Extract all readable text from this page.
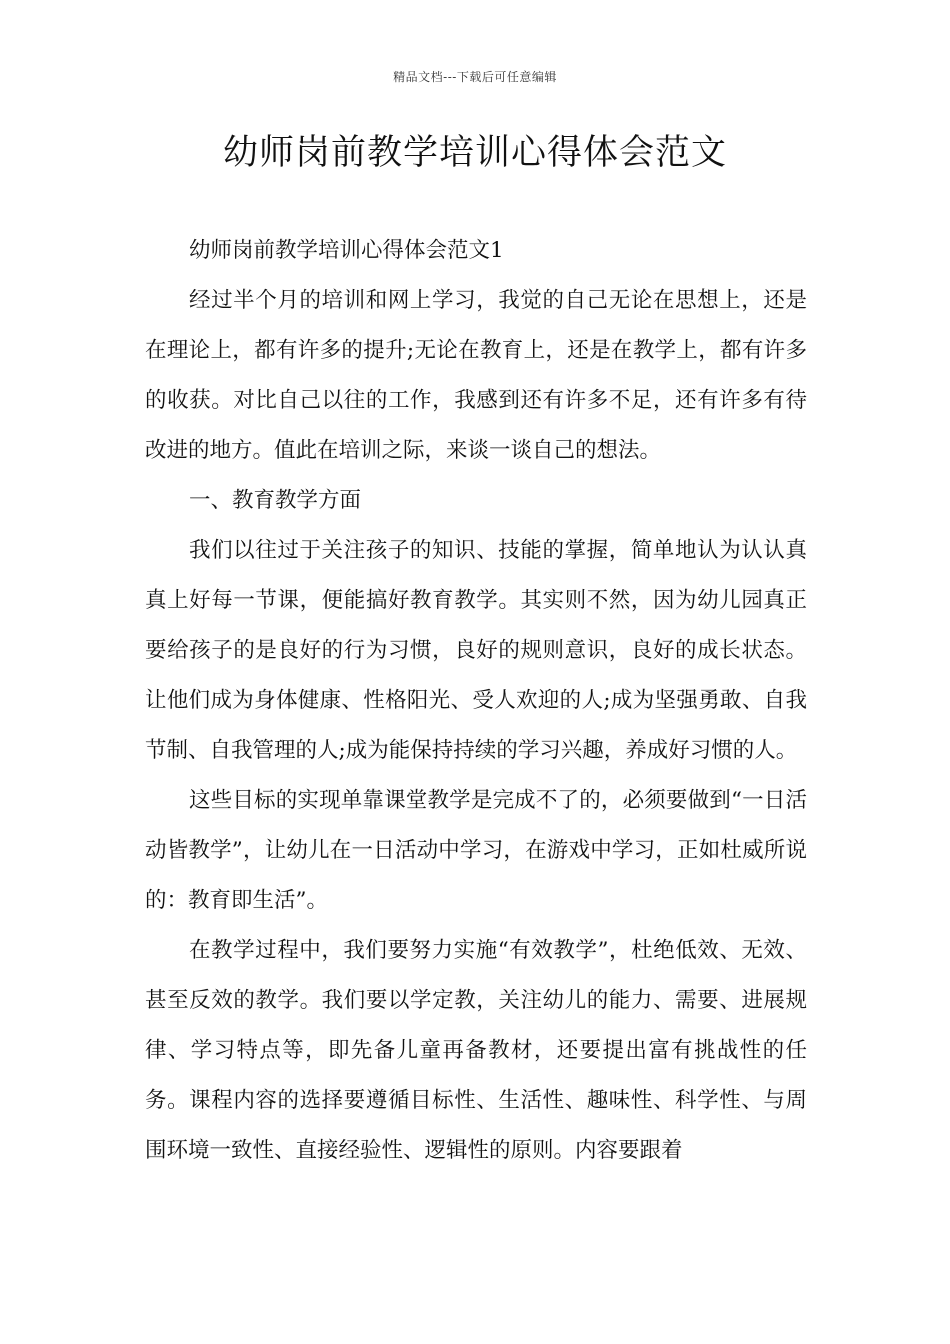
精品文档---下载后可任意编辑
幼师岗前教学培训心得体会范文

幼师岗前教学培训心得体会范文1

经过半个月的培训和网上学习，我觉的自己无论在思想上，还是在理论上，都有许多的提升;无论在教育上，还是在教学上，都有许多的收获。对比自己以往的工作，我感到还有许多不足，还有许多有待改进的地方。值此在培训之际，来谈一谈自己的想法。

一、教育教学方面

我们以往过于关注孩子的知识、技能的掌握，简单地认为认认真真上好每一节课，便能搞好教育教学。其实则不然，因为幼儿园真正要给孩子的是良好的行为习惯，良好的规则意识，良好的成长状态。让他们成为身体健康、性格阳光、受人欢迎的人;成为坚强勇敢、自我节制、自我管理的人;成为能保持持续的学习兴趣，养成好习惯的人。

这些目标的实现单靠课堂教学是完成不了的，必须要做到“一日活动皆教学”，让幼儿在一日活动中学习，在游戏中学习，正如杜威所说的：教育即生活”。

在教学过程中，我们要努力实施“有效教学”，杜绝低效、无效、甚至反效的教学。我们要以学定教，关注幼儿的能力、需要、进展规律、学习特点等，即先备儿童再备教材，还要提出富有挑战性的任务。课程内容的选择要遵循目标性、生活性、趣味性、科学性、与周围环境一致性、直接经验性、逻辑性的原则。内容要跟着
